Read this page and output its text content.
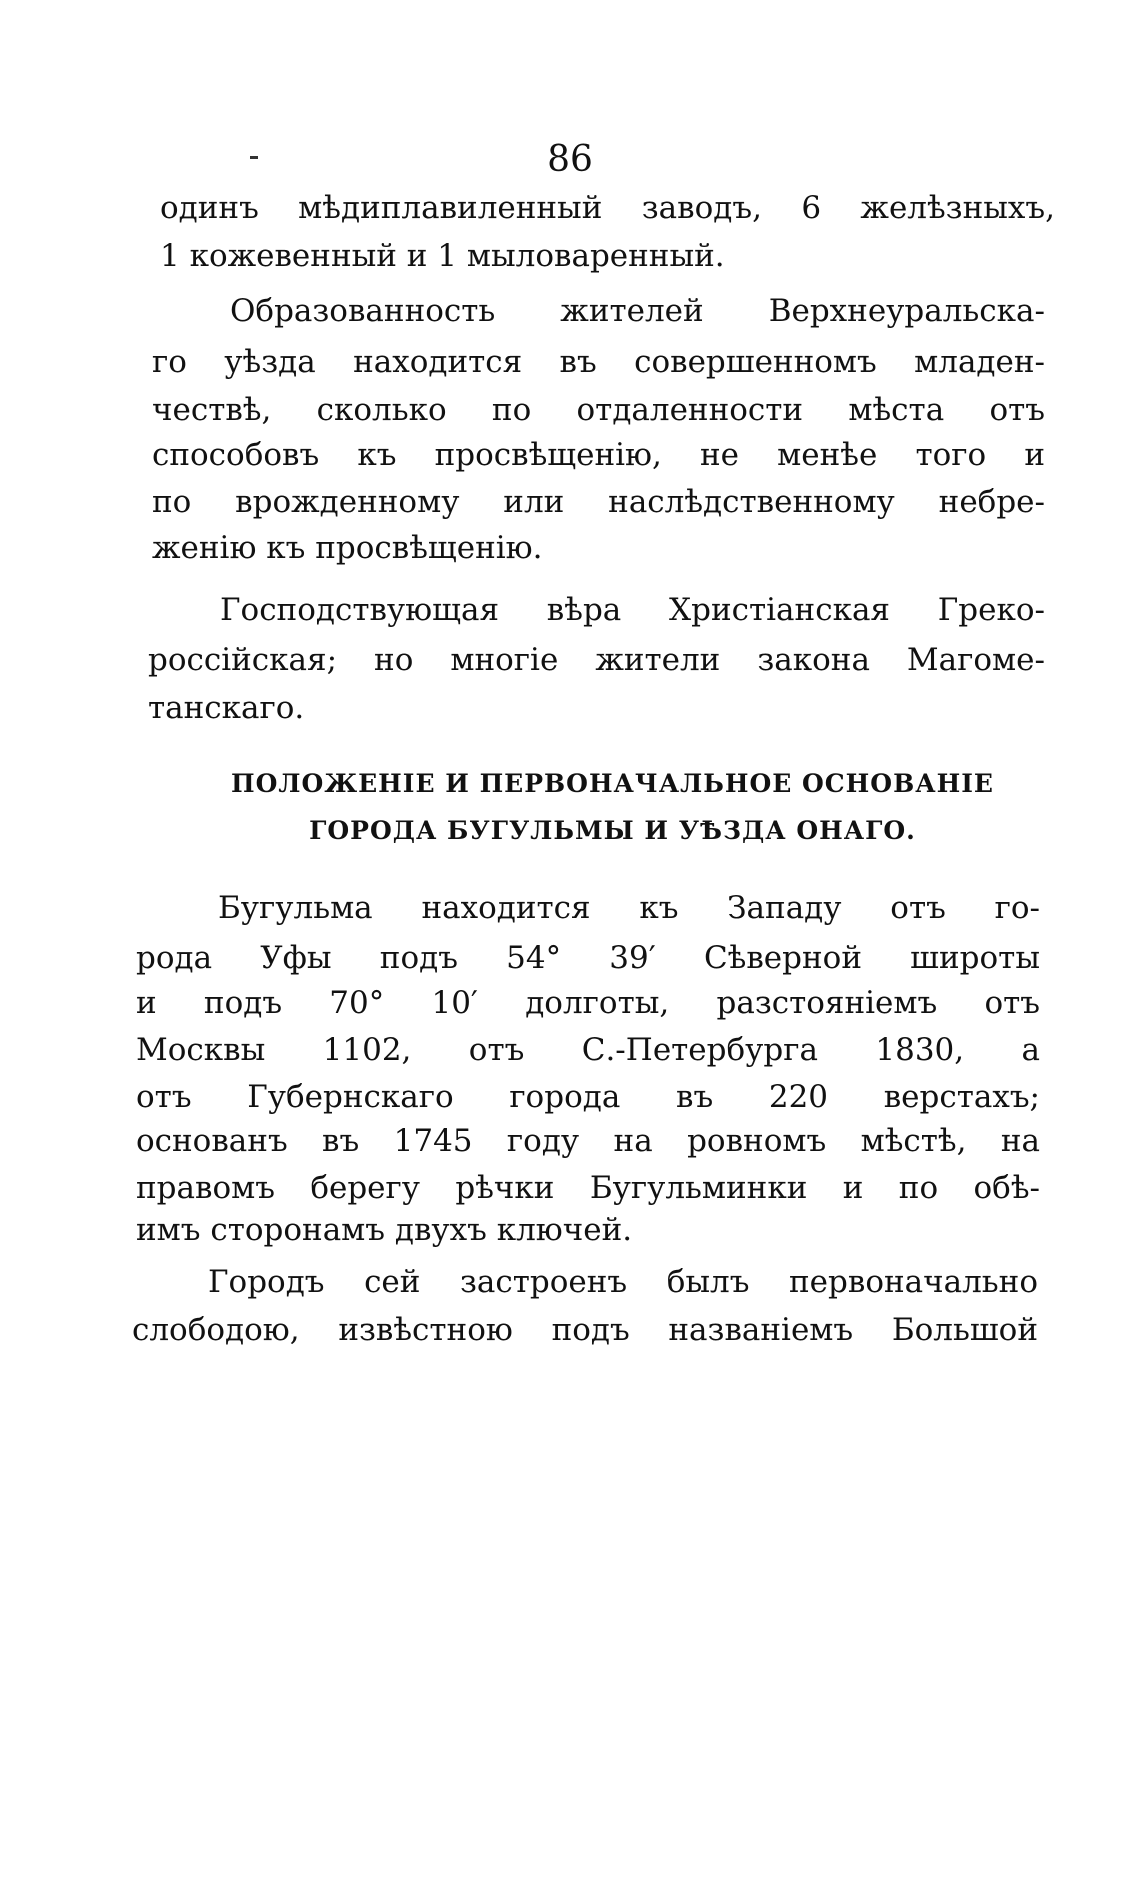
86
одинъ мѣдиплавиленный заводъ, 6 желѣзныхъ,
1 кожевенный и 1 мыловаренный.
Образованность жителей Верхнеуральска-
го уѣзда находится въ совершенномъ младен-
чествѣ, сколько по отдаленности мѣста отъ
способовъ къ просвѣщенію, не менѣе того и
по врожденному или наслѣдственному небре-
женію къ просвѣщенію.
Господствующая вѣра Христіанская Греко-
россійская; но многіе жители закона Магоме-
танскаго.
ПОЛОЖЕНІЕ И ПЕРВОНАЧАЛЬНОЕ ОСНОВАНІЕ
ГОРОДА БУГУЛЬМЫ И УѢЗДА ОНАГО.
Бугульма находится къ Западу отъ го-
рода Уфы подъ 54° 39′ Сѣверной широты
и подъ 70° 10′ долготы, разстояніемъ отъ
Москвы 1102, отъ С.-Петербурга 1830, а
отъ Губернскаго города въ 220 верстахъ;
основанъ въ 1745 году на ровномъ мѣстѣ, на
правомъ берегу рѣчки Бугульминки и по обѣ-
имъ сторонамъ двухъ ключей.
Городъ сей застроенъ былъ первоначально
слободою, извѣстною подъ названіемъ Большой
